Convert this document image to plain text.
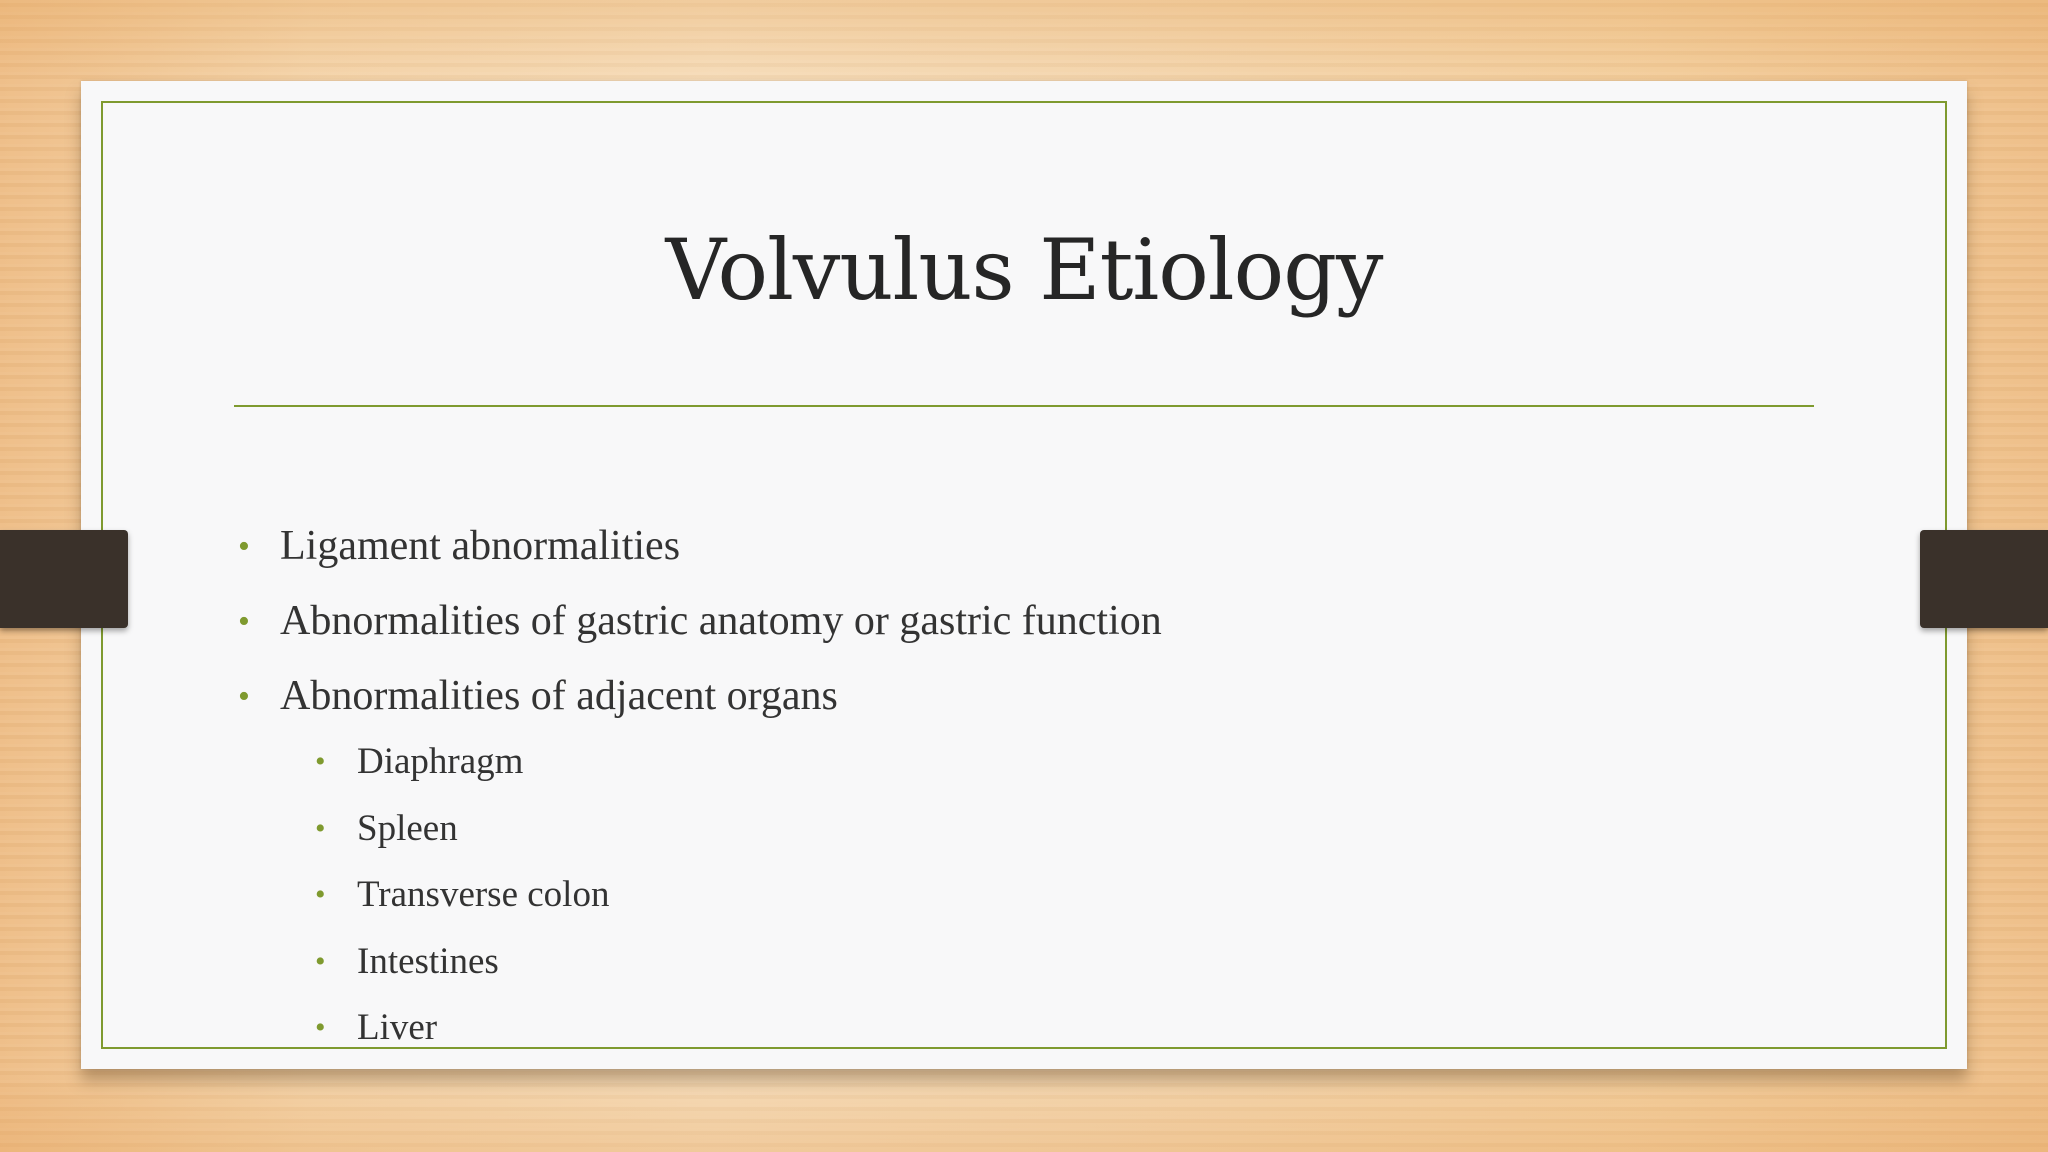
Volvulus Etiology
• Ligament abnormalities
• Abnormalities of gastric anatomy or gastric function
• Abnormalities of adjacent organs
• Diaphragm
• Spleen
• Transverse colon
• Intestines
• Liver
